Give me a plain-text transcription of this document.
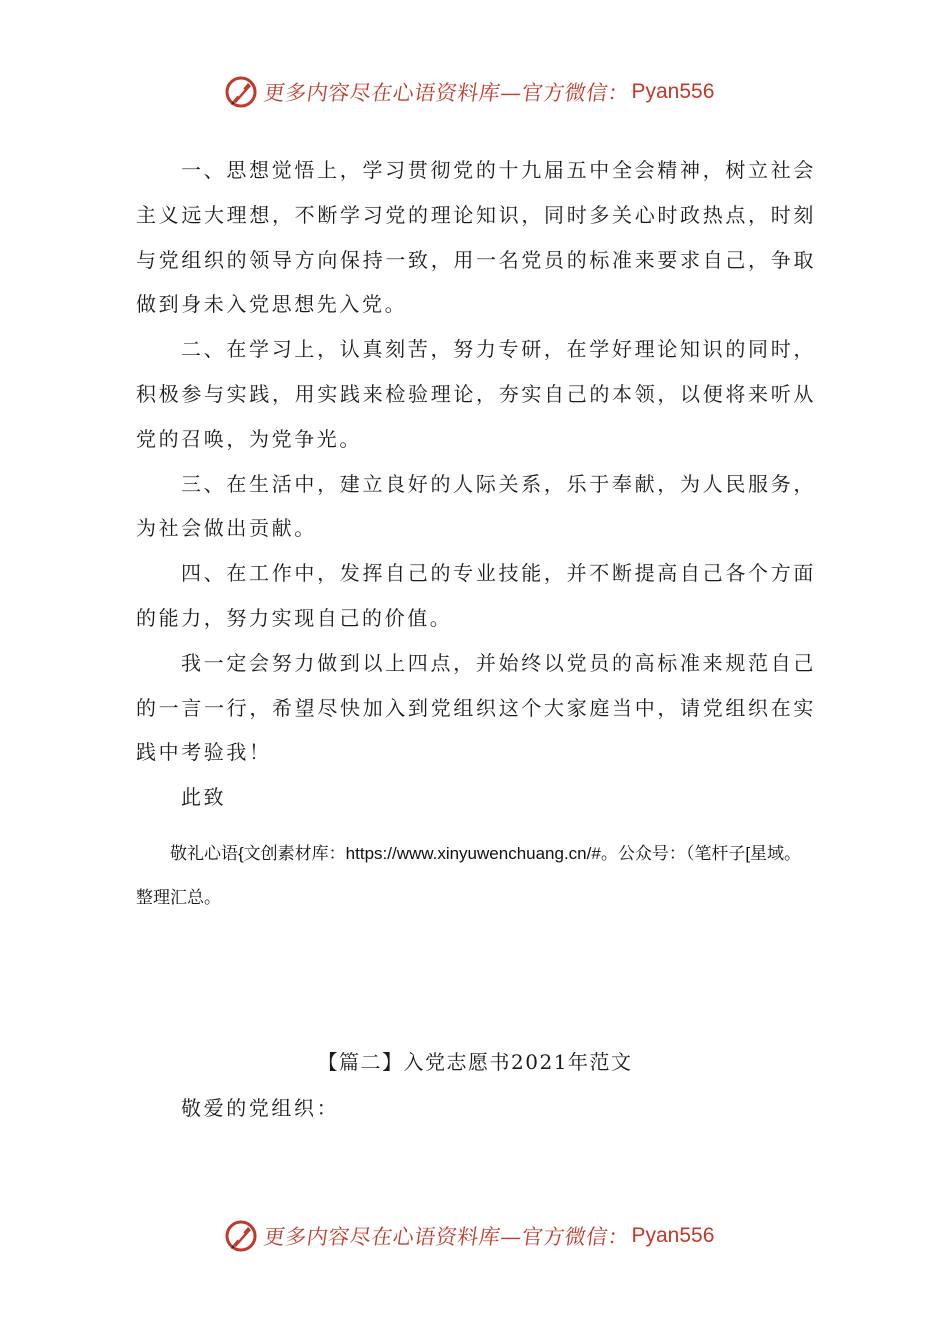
更多内容尽在心语资料库—官方微信： Pyan556

一、思想觉悟上，学习贯彻党的十九届五中全会精神，树立社会主义远大理想，不断学习党的理论知识，同时多关心时政热点，时刻与党组织的领导方向保持一致，用一名党员的标准来要求自己，争取做到身未入党思想先入党。

二、在学习上，认真刻苦，努力专研，在学好理论知识的同时，积极参与实践，用实践来检验理论，夯实自己的本领，以便将来听从党的召唤，为党争光。

三、在生活中，建立良好的人际关系，乐于奉献，为人民服务，为社会做出贡献。

四、在工作中，发挥自己的专业技能，并不断提高自己各个方面的能力，努力实现自己的价值。

我一定会努力做到以上四点，并始终以党员的高标准来规范自己的一言一行，希望尽快加入到党组织这个大家庭当中，请党组织在实践中考验我！

此致

敬礼心语{文创素材库：https://www.xinyuwenchuang.cn/#。公众号：（笔杆子[星域。整理汇总。

【篇二】入党志愿书2021年范文
敬爱的党组织：
更多内容尽在心语资料库—官方微信： Pyan556
